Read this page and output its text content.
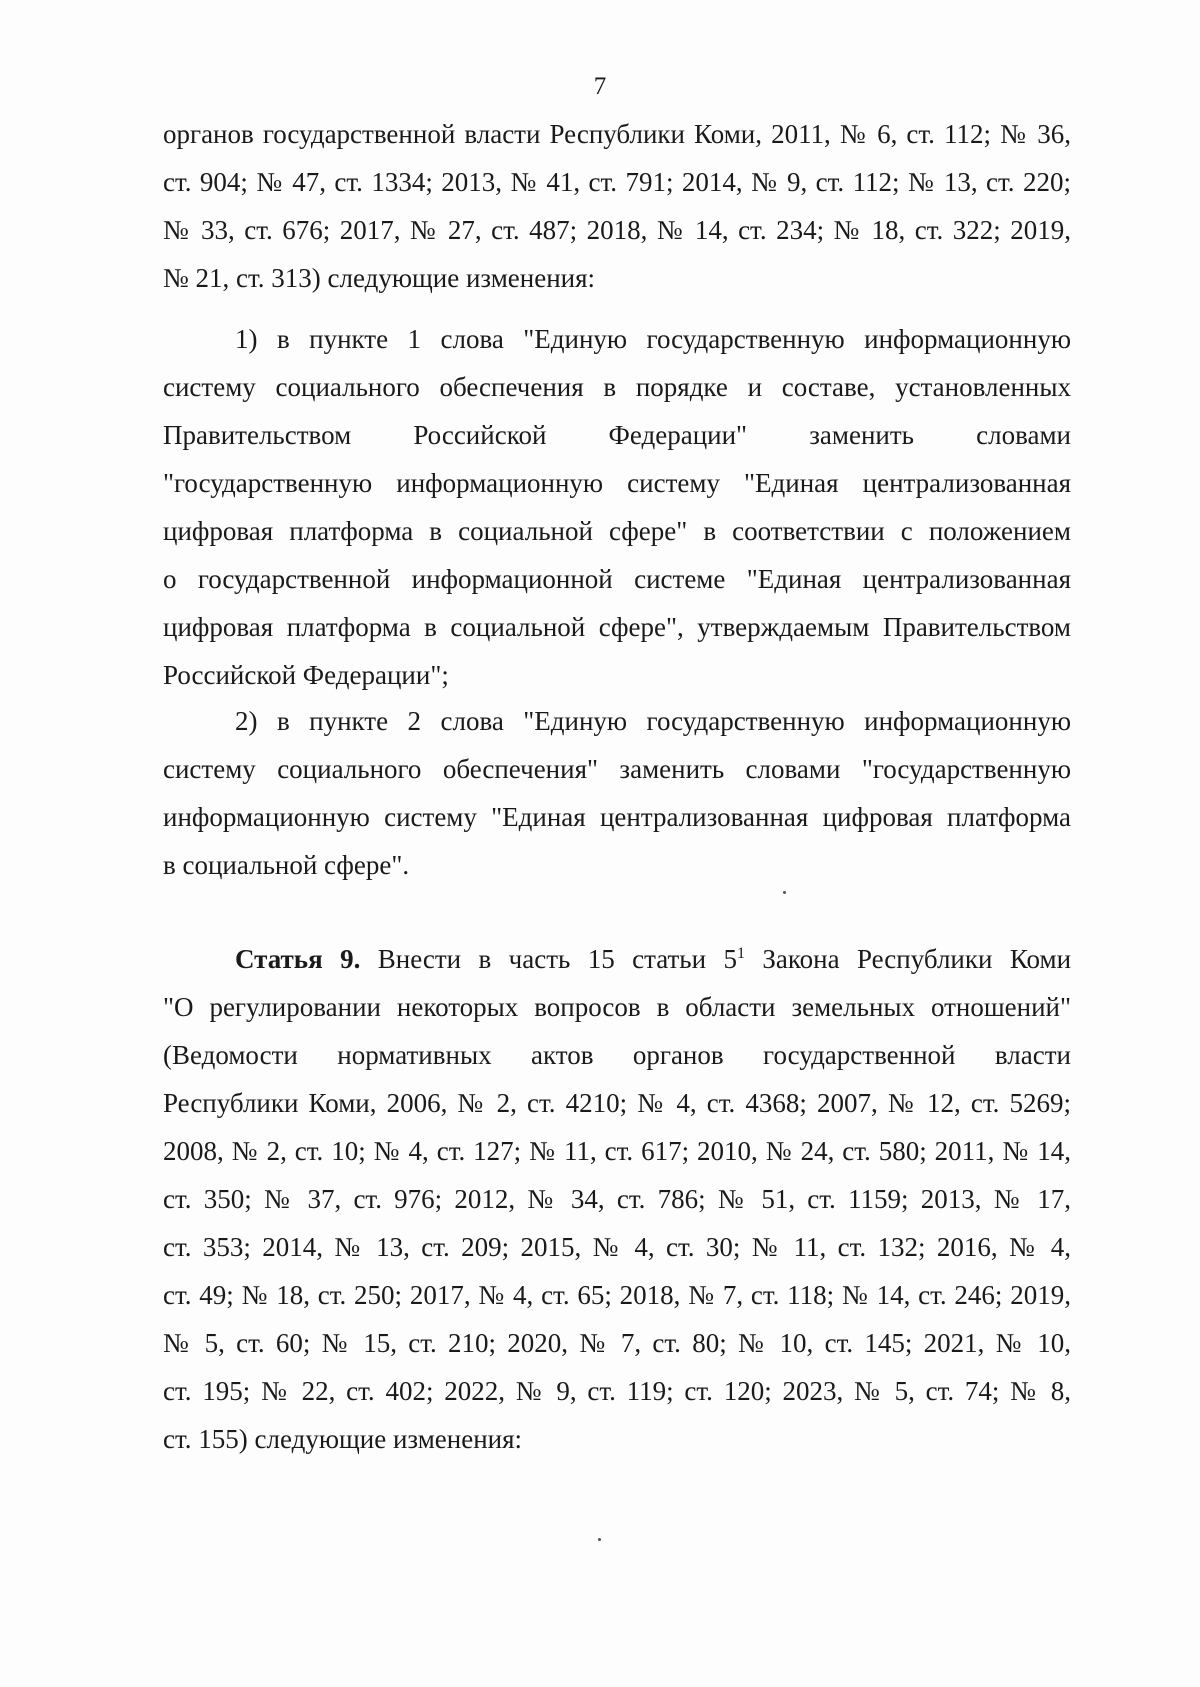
7
органов государственной власти Республики Коми, 2011, № 6, ст. 112; № 36,
ст. 904; № 47, ст. 1334; 2013, № 41, ст. 791; 2014, № 9, ст. 112; № 13, ст. 220;
№ 33, ст. 676; 2017, № 27, ст. 487; 2018, № 14, ст. 234; № 18, ст. 322; 2019,
№ 21, ст. 313) следующие изменения:
1) в пункте 1 слова "Единую государственную информационную
систему социального обеспечения в порядке и составе, установленных
Правительством Российской Федерации" заменить словами
"государственную информационную систему "Единая централизованная
цифровая платформа в социальной сфере" в соответствии с положением
о государственной информационной системе "Единая централизованная
цифровая платформа в социальной сфере", утверждаемым Правительством
Российской Федерации";
2) в пункте 2 слова "Единую государственную информационную
систему социального обеспечения" заменить словами "государственную
информационную систему "Единая централизованная цифровая платформа
в социальной сфере".
Статья 9. Внести в часть 15 статьи $5^1$ Закона Республики Коми
"О регулировании некоторых вопросов в области земельных отношений"
(Ведомости нормативных актов органов государственной власти
Республики Коми, 2006, № 2, ст. 4210; № 4, ст. 4368; 2007, № 12, ст. 5269;
2008, № 2, ст. 10; № 4, ст. 127; № 11, ст. 617; 2010, № 24, ст. 580; 2011, № 14,
ст. 350; № 37, ст. 976; 2012, № 34, ст. 786; № 51, ст. 1159; 2013, № 17,
ст. 353; 2014, № 13, ст. 209; 2015, № 4, ст. 30; № 11, ст. 132; 2016, № 4,
ст. 49; № 18, ст. 250; 2017, № 4, ст. 65; 2018, № 7, ст. 118; № 14, ст. 246; 2019,
№ 5, ст. 60; № 15, ст. 210; 2020, № 7, ст. 80; № 10, ст. 145; 2021, № 10,
ст. 195; № 22, ст. 402; 2022, № 9, ст. 119; ст. 120; 2023, № 5, ст. 74; № 8,
ст. 155) следующие изменения:
